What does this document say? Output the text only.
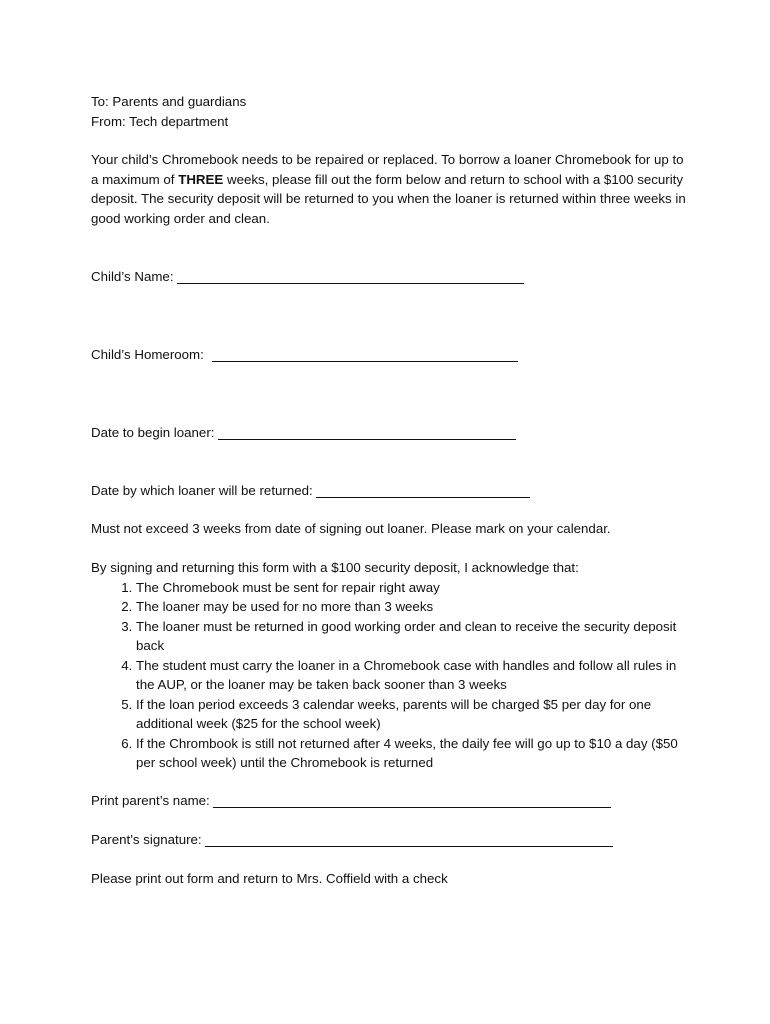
To: Parents and guardians

From: Tech department

Your child’s Chromebook needs to be repaired or replaced. To borrow a loaner Chromebook for up to a maximum of THREE weeks, please fill out the form below and return to school with a $100 security deposit. The security deposit will be returned to you when the loaner is returned within three weeks in good working order and clean.

Child’s Name:
Child’s Homeroom:
Date to begin loaner:
Date by which loaner will be returned:

Must not exceed 3 weeks from date of signing out loaner. Please mark on your calendar.

By signing and returning this form with a $100 security deposit, I acknowledge that:

1. The Chromebook must be sent for repair right away
2. The loaner may be used for no more than 3 weeks
3. The loaner must be returned in good working order and clean to receive the security deposit back
4. The student must carry the loaner in a Chromebook case with handles and follow all rules in the AUP, or the loaner may be taken back sooner than 3 weeks
5. If the loan period exceeds 3 calendar weeks, parents will be charged $5 per day for one additional week ($25 for the school week)
6. If the Chrombook is still not returned after 4 weeks, the daily fee will go up to $10 a day ($50 per school week) until the Chromebook is returned
Print parent’s name:
Parent’s signature:

Please print out form and return to Mrs. Coffield with a check
